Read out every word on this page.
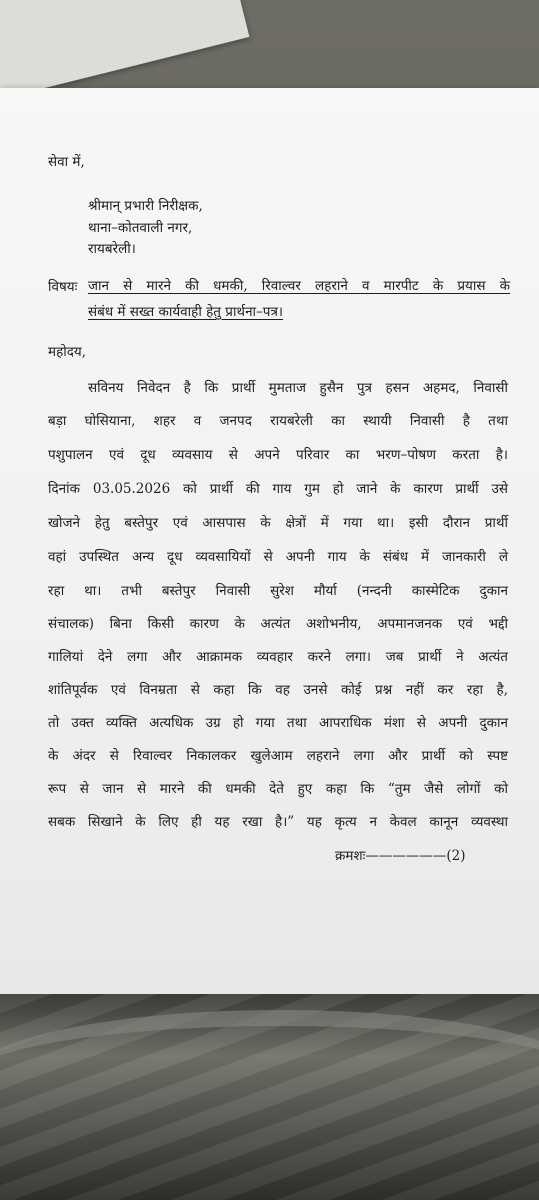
सेवा में,
श्रीमान् प्रभारी निरीक्षक,
थाना–कोतवाली नगर,
रायबरेली।
विषयः जान से मारने की धमकी, रिवाल्वर लहराने व मारपीट के प्रयास के
संबंध में सख्त कार्यवाही हेतु प्रार्थना–पत्र।
महोदय,
सविनय निवेदन है कि प्रार्थी मुमताज हुसैन पुत्र हसन अहमद, निवासी
बड़ा घोसियाना, शहर व जनपद रायबरेली का स्थायी निवासी है तथा
पशुपालन एवं दूध व्यवसाय से अपने परिवार का भरण–पोषण करता है।
दिनांक 03.05.2026 को प्रार्थी की गाय गुम हो जाने के कारण प्रार्थी उसे
खोजने हेतु बस्तेपुर एवं आसपास के क्षेत्रों में गया था। इसी दौरान प्रार्थी
वहां उपस्थित अन्य दूध व्यवसायियों से अपनी गाय के संबंध में जानकारी ले
रहा था। तभी बस्तेपुर निवासी सुरेश मौर्या (नन्दनी कास्मेटिक दुकान
संचालक) बिना किसी कारण के अत्यंत अशोभनीय, अपमानजनक एवं भद्दी
गालियां देने लगा और आक्रामक व्यवहार करने लगा। जब प्रार्थी ने अत्यंत
शांतिपूर्वक एवं विनम्रता से कहा कि वह उनसे कोई प्रश्न नहीं कर रहा है,
तो उक्त व्यक्ति अत्यधिक उग्र हो गया तथा आपराधिक मंशा से अपनी दुकान
के अंदर से रिवाल्वर निकालकर खुलेआम लहराने लगा और प्रार्थी को स्पष्ट
रूप से जान से मारने की धमकी देते हुए कहा कि “तुम जैसे लोगों को
सबक सिखाने के लिए ही यह रखा है।” यह कृत्य न केवल कानून व्यवस्था
क्रमशः——————(2)
